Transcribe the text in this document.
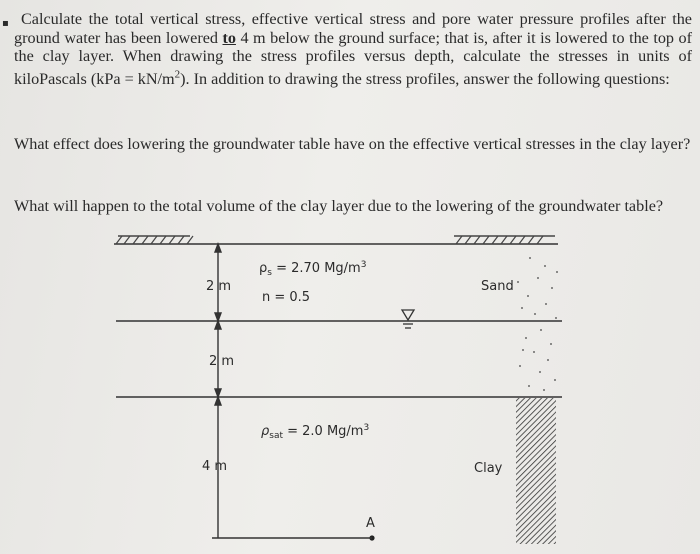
▪ Calculate the total vertical stress, effective vertical stress and pore water pressure profiles after the ground water has been lowered to 4 m below the ground surface; that is, after it is lowered to the top of the clay layer. When drawing the stress profiles versus depth, calculate the stresses in units of kiloPascals $(kPa = kN/m^2)$. In addition to drawing the stress profiles, answer the following questions:

What effect does lowering the groundwater table have on the effective vertical stresses in the clay layer?

What will happen to the total volume of the clay layer due to the lowering of the groundwater table?

2 m
2 m
4 m
$\rho_s = 2.70$ $Mg/m^3$
n = 0.5
Sand
$\rho_{sat} = 2.0$ $Mg/m^3$
Clay
A
